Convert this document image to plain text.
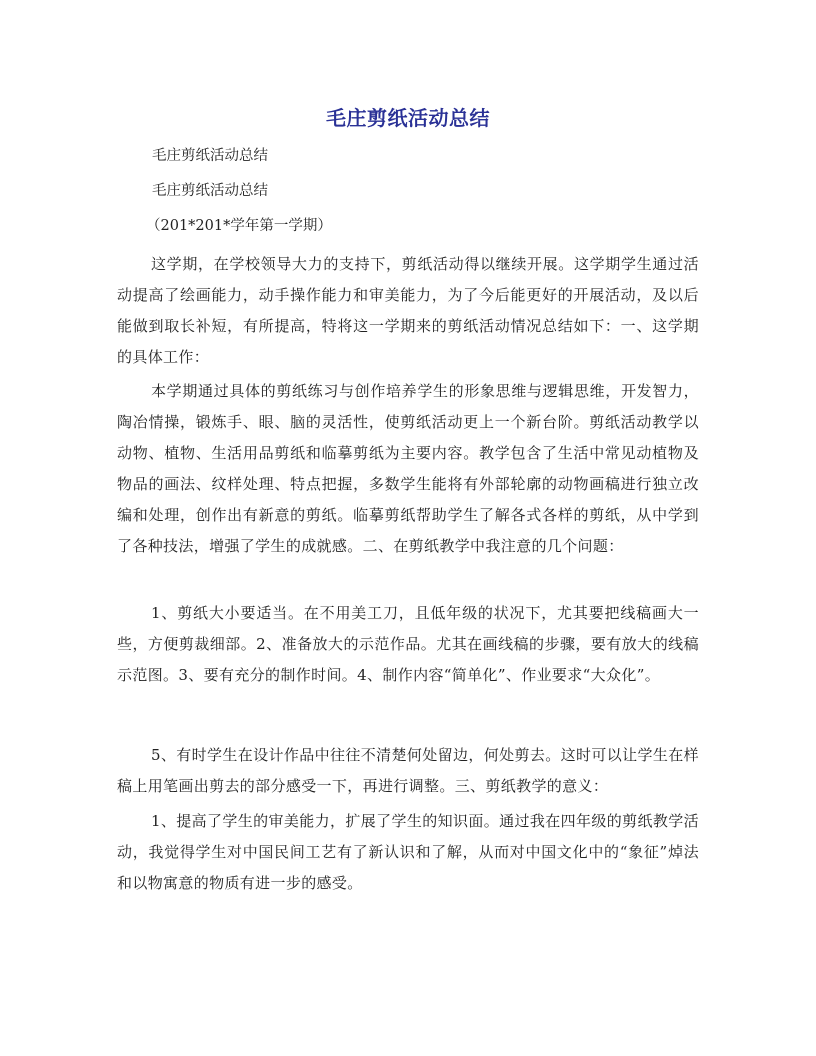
毛庄剪纸活动总结
毛庄剪纸活动总结
毛庄剪纸活动总结
（201*201*学年第一学期）

这学期，在学校领导大力的支持下，剪纸活动得以继续开展。这学期学生通过活动提高了绘画能力，动手操作能力和审美能力，为了今后能更好的开展活动，及以后能做到取长补短，有所提高，特将这一学期来的剪纸活动情况总结如下：一、这学期的具体工作：

本学期通过具体的剪纸练习与创作培养学生的形象思维与逻辑思维，开发智力，陶冶情操，锻炼手、眼、脑的灵活性，使剪纸活动更上一个新台阶。剪纸活动教学以动物、植物、生活用品剪纸和临摹剪纸为主要内容。教学包含了生活中常见动植物及物品的画法、纹样处理、特点把握，多数学生能将有外部轮廓的动物画稿进行独立改编和处理，创作出有新意的剪纸。临摹剪纸帮助学生了解各式各样的剪纸，从中学到了各种技法，增强了学生的成就感。二、在剪纸教学中我注意的几个问题：

1、剪纸大小要适当。在不用美工刀，且低年级的状况下，尤其要把线稿画大一些，方便剪裁细部。2、准备放大的示范作品。尤其在画线稿的步骤，要有放大的线稿示范图。3、要有充分的制作时间。4、制作内容“简单化”、作业要求“大众化”。

5、有时学生在设计作品中往往不清楚何处留边，何处剪去。这时可以让学生在样稿上用笔画出剪去的部分感受一下，再进行调整。三、剪纸教学的意义：

1、提高了学生的审美能力，扩展了学生的知识面。通过我在四年级的剪纸教学活动，我觉得学生对中国民间工艺有了新认识和了解，从而对中国文化中的“象征”焯法和以物寓意的物质有进一步的感受。
